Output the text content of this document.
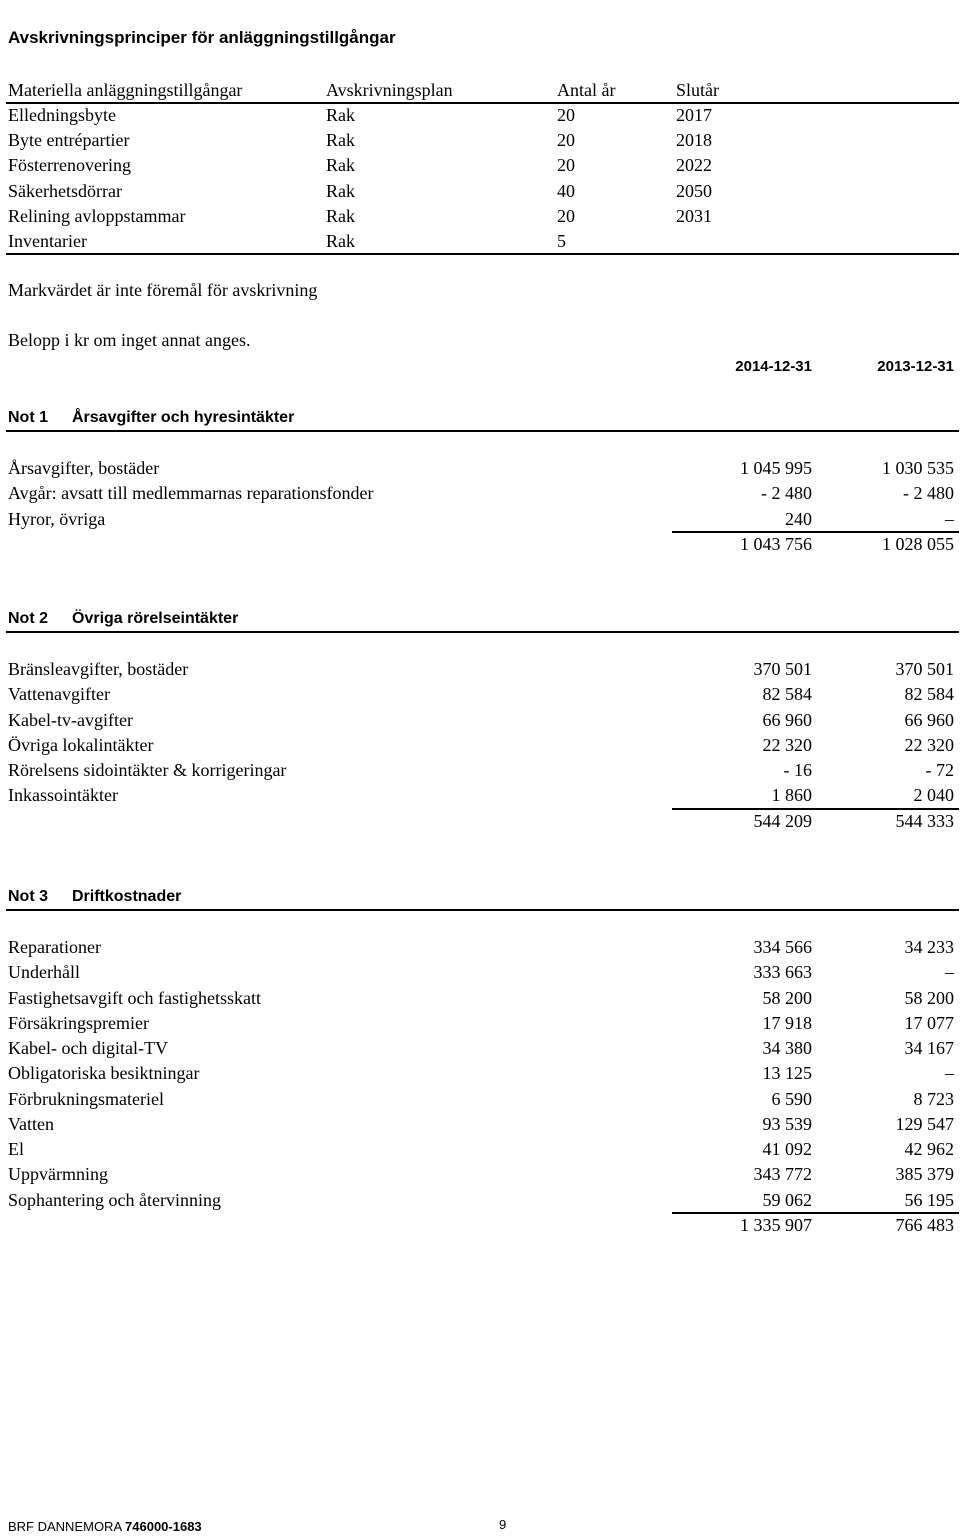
Avskrivningsprinciper för anläggningstillgångar
Materiella anläggningstillgångar	Avskrivningsplan	Antal år	Slutår
Elledningsbyte	Rak	20	2017
Byte entrépartier	Rak	20	2018
Fösterrenovering	Rak	20	2022
Säkerhetsdörrar	Rak	40	2050
Relining avloppstammar	Rak	20	2031
Inventarier	Rak	5
Markvärdet är inte föremål för avskrivning
Belopp i kr om inget annat anges.
2014-12-31	2013-12-31
Not 1 Årsavgifter och hyresintäkter
Årsavgifter, bostäder	1 045 995	1 030 535
Avgår: avsatt till medlemmarnas reparationsfonder	- 2 480	- 2 480
Hyror, övriga	240	–
1 043 756	1 028 055
Not 2 Övriga rörelseintäkter
Bränsleavgifter, bostäder	370 501	370 501
Vattenavgifter	82 584	82 584
Kabel-tv-avgifter	66 960	66 960
Övriga lokalintäkter	22 320	22 320
Rörelsens sidointäkter & korrigeringar	- 16	- 72
Inkassointäkter	1 860	2 040
544 209	544 333
Not 3 Driftkostnader
Reparationer	334 566	34 233
Underhåll	333 663	–
Fastighetsavgift och fastighetsskatt	58 200	58 200
Försäkringspremier	17 918	17 077
Kabel- och digital-TV	34 380	34 167
Obligatoriska besiktningar	13 125	–
Förbrukningsmateriel	6 590	8 723
Vatten	93 539	129 547
El	41 092	42 962
Uppvärmning	343 772	385 379
Sophantering och återvinning	59 062	56 195
1 335 907	766 483
BRF DANNEMORA 746000-1683	9
